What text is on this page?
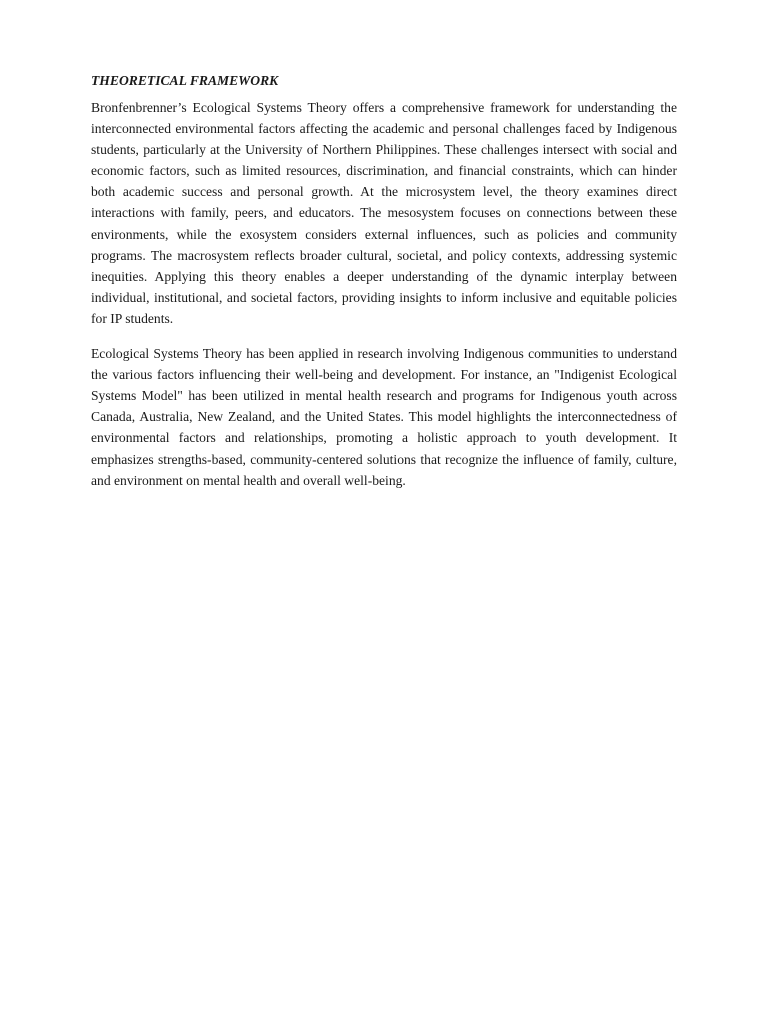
THEORETICAL FRAMEWORK

Bronfenbrenner’s Ecological Systems Theory offers a comprehensive framework for understanding the interconnected environmental factors affecting the academic and personal challenges faced by Indigenous students, particularly at the University of Northern Philippines. These challenges intersect with social and economic factors, such as limited resources, discrimination, and financial constraints, which can hinder both academic success and personal growth. At the microsystem level, the theory examines direct interactions with family, peers, and educators. The mesosystem focuses on connections between these environments, while the exosystem considers external influences, such as policies and community programs. The macrosystem reflects broader cultural, societal, and policy contexts, addressing systemic inequities. Applying this theory enables a deeper understanding of the dynamic interplay between individual, institutional, and societal factors, providing insights to inform inclusive and equitable policies for IP students.

Ecological Systems Theory has been applied in research involving Indigenous communities to understand the various factors influencing their well-being and development. For instance, an "Indigenist Ecological Systems Model" has been utilized in mental health research and programs for Indigenous youth across Canada, Australia, New Zealand, and the United States. This model highlights the interconnectedness of environmental factors and relationships, promoting a holistic approach to youth development. It emphasizes strengths-based, community-centered solutions that recognize the influence of family, culture, and environment on mental health and overall well-being.
